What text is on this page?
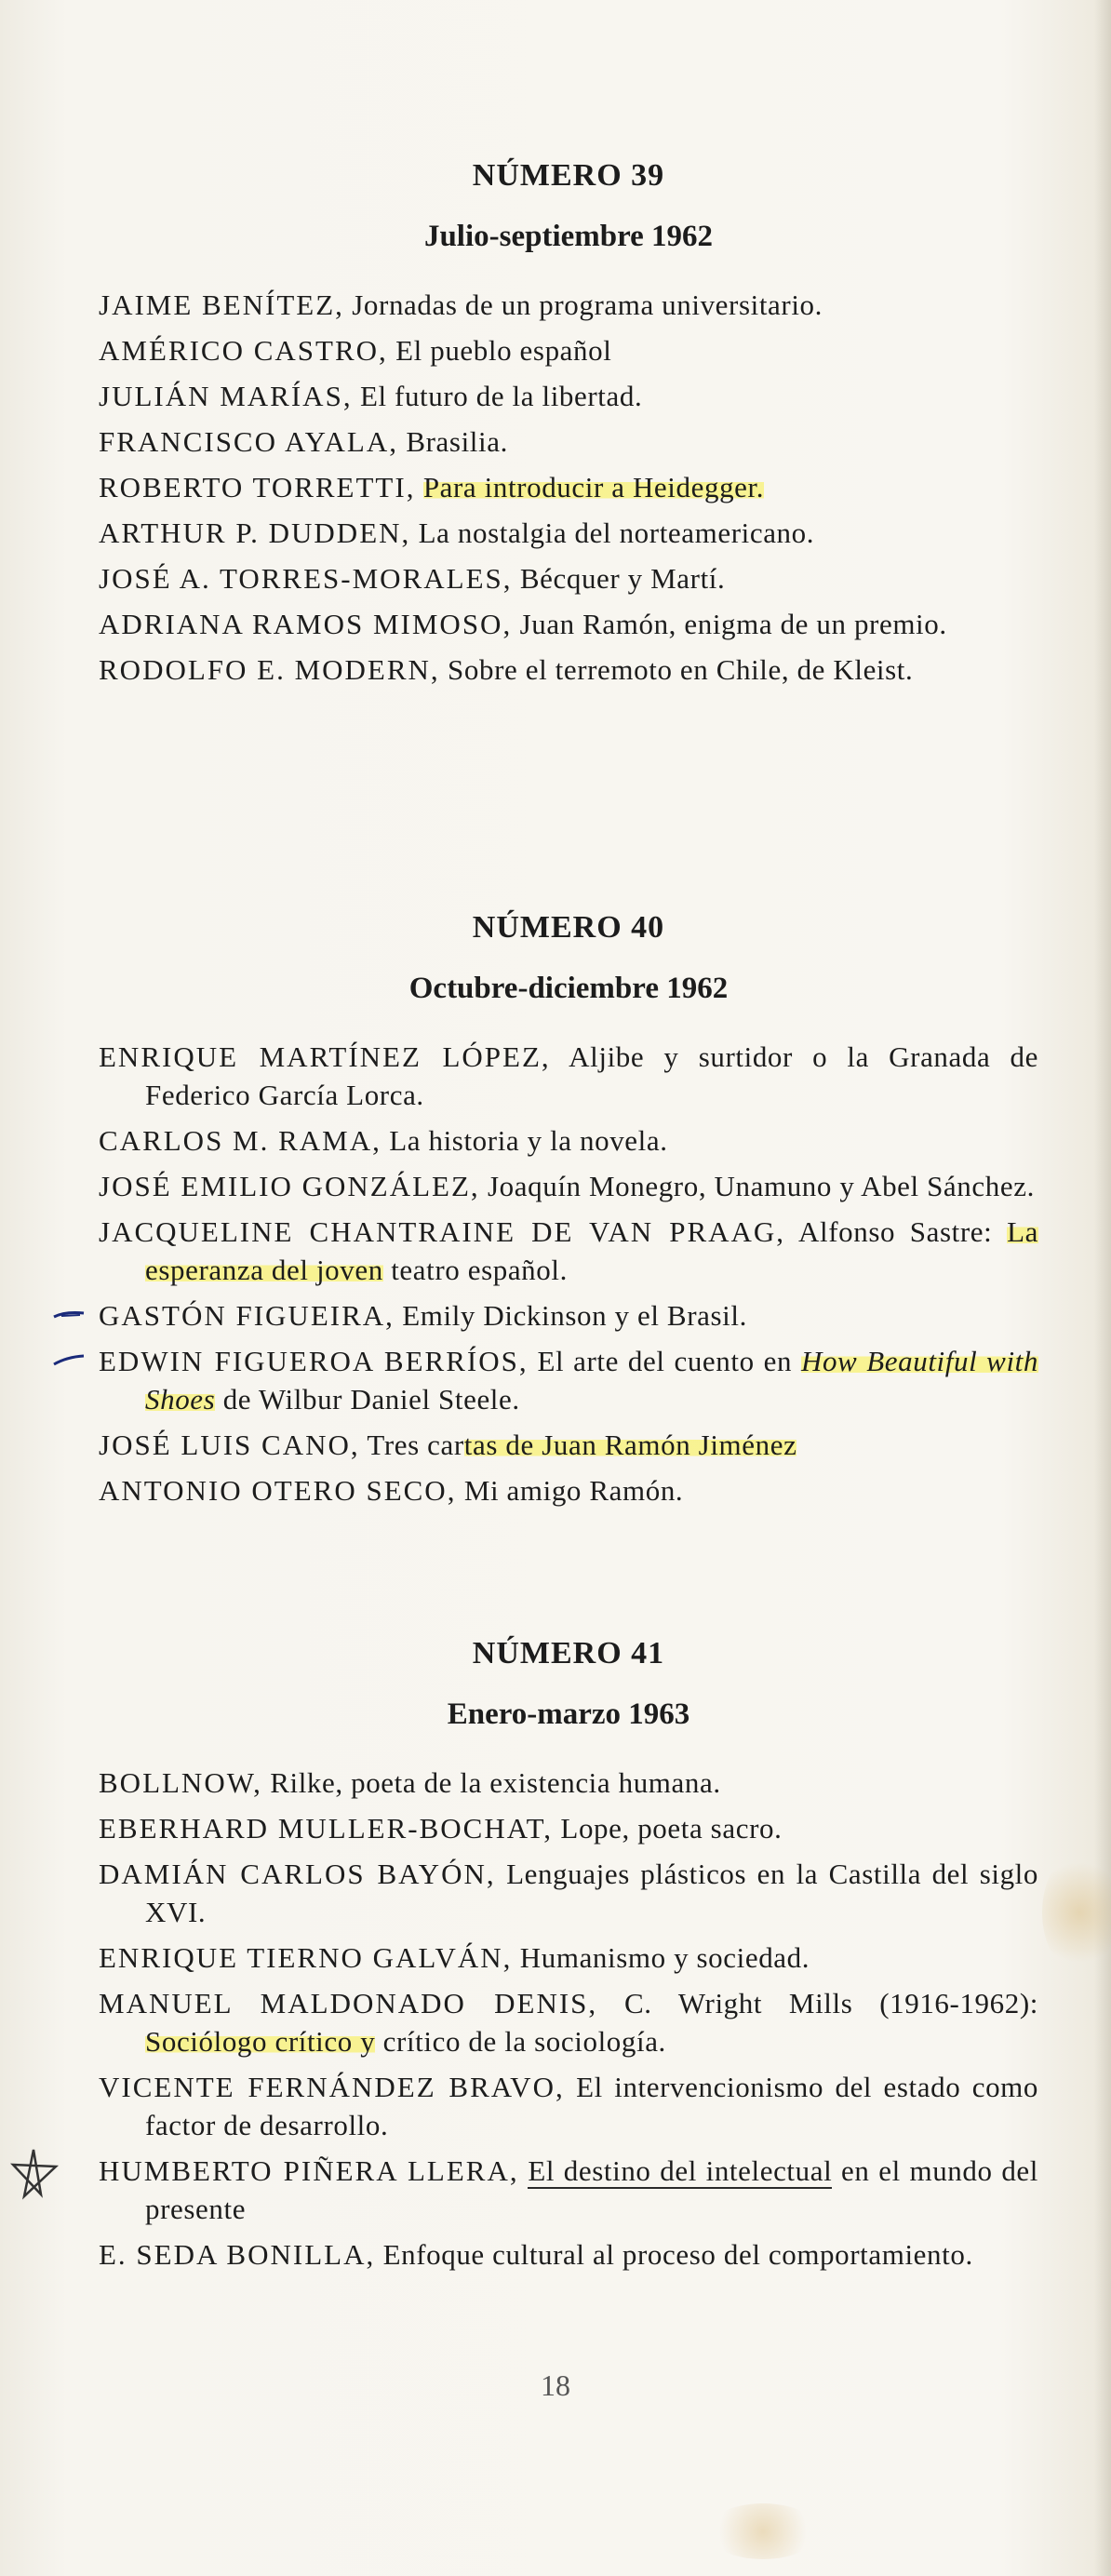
NÚMERO 39
Julio-septiembre 1962

JAIME BENÍTEZ, Jornadas de un programa universitario.

AMÉRICO CASTRO, El pueblo español

JULIÁN MARÍAS, El futuro de la libertad.

FRANCISCO AYALA, Brasilia.

ROBERTO TORRETTI, Para introducir a Heidegger.

ARTHUR P. DUDDEN, La nostalgia del norteamericano.

JOSÉ A. TORRES-MORALES, Bécquer y Martí.

ADRIANA RAMOS MIMOSO, Juan Ramón, enigma de un premio.

RODOLFO E. MODERN, Sobre el terremoto en Chile, de Kleist.

NÚMERO 40
Octubre-diciembre 1962

ENRIQUE MARTÍNEZ LÓPEZ, Aljibe y surtidor o la Granada de Federico García Lorca.

CARLOS M. RAMA, La historia y la novela.

JOSÉ EMILIO GONZÁLEZ, Joaquín Monegro, Unamuno y Abel Sánchez.

JACQUELINE CHANTRAINE DE VAN PRAAG, Alfonso Sastre: La esperanza del joven teatro español.

GASTÓN FIGUEIRA, Emily Dickinson y el Brasil.

EDWIN FIGUEROA BERRÍOS, El arte del cuento en How Beautiful with Shoes de Wilbur Daniel Steele.

JOSÉ LUIS CANO, Tres cartas de Juan Ramón Jiménez

ANTONIO OTERO SECO, Mi amigo Ramón.

NÚMERO 41
Enero-marzo 1963

BOLLNOW, Rilke, poeta de la existencia humana.

EBERHARD MULLER-BOCHAT, Lope, poeta sacro.

DAMIÁN CARLOS BAYÓN, Lenguajes plásticos en la Castilla del siglo XVI.

ENRIQUE TIERNO GALVÁN, Humanismo y sociedad.

MANUEL MALDONADO DENIS, C. Wright Mills (1916-1962): Sociólogo crítico y crítico de la sociología.

VICENTE FERNÁNDEZ BRAVO, El intervencionismo del estado como factor de desarrollo.

HUMBERTO PIÑERA LLERA, El destino del intelectual en el mundo del presente

E. SEDA BONILLA, Enfoque cultural al proceso del comportamiento.

18
